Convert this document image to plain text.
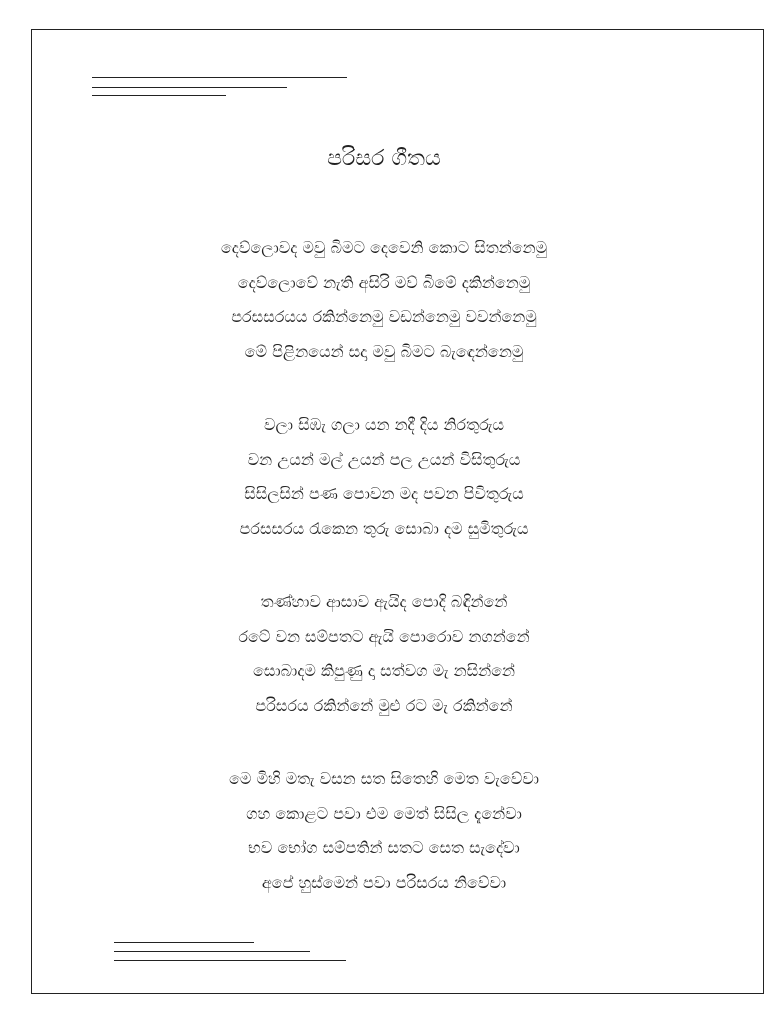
පරිසර ගීතය
දෙව්ලොවද මවු බිමට දෙවෙනි කොට සිතන්නෙමු
දෙව්ලොවේ නැති අසිරි මව් බිමේ දකින්නෙමු
පරසසරයය රකින්නෙමු වඩන්නෙමු වවන්නෙමු
මේ පිළිනයෙන් සදා මවු බිමට බැඳෙන්නෙමු
වලා සිඹැ ගලා යන නදී දිය නිරතුරුය
වන උයන් මල් උයන් පල උයන් විසිතුරුය
සිසිලසින් පණ පොවන මද පවන පිවිතුරුය
පරසසරය රැකෙන තුරු සොබා දම සුමිතුරුය
තණ්හාව ආසාව ඇයිද පොදි බඳින්නේ
රටේ වන සම්පතට ඇයි පොරොව නගන්නේ
සොබාදම කිපුණු දා සත්වග මැ නසින්නේ
පරිසරය රකින්නේ මුළු රට මැ රකින්නේ
මෙ මිහි මතැ වසන සත සිතෙහි මෙත වැවේවා
ගහ කොළට පවා එම මෙත් සිසිල දැනේවා
භව භෝග සම්පතින් සතට සෙත සැදේවා
අපේ හුස්මෙන් පවා පරිසරය නිවේවා
